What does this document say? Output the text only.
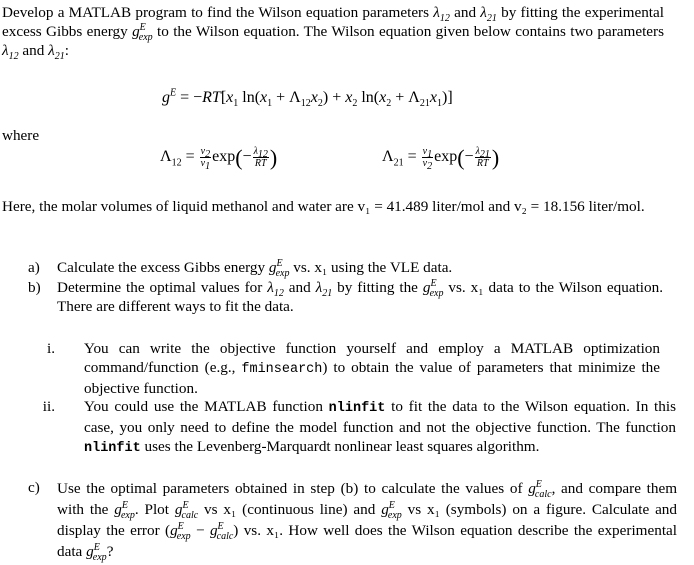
Develop a MATLAB program to find the Wilson equation parameters $\lambda_{12}$ and $\lambda_{21}$ by fitting the experimental excess Gibbs energy $g^E_{exp}$ to the Wilson equation. The Wilson equation given below contains two parameters $\lambda_{12}$ and $\lambda_{21}$:
$g^E = -RT[x_1$ $\ln(x_1 + \Lambda_{12}x_2) + x_2$ $\ln(x_2 + \Lambda_{21}x_1)$]
where
$\Lambda_{12} = \frac{v_2}{v_1} \exp(- \frac{\lambda_{12}}{RT}$ )	$\Lambda_{21} = \frac{v_1}{v_2} \exp(- \frac{\lambda_{21}}{RT}$ )
Here, the molar volumes of liquid methanol and water are v₁ = 41.489 liter/mol and v₂ = 18.156 liter/mol.
a)	Calculate the excess Gibbs energy $g^E_{exp}$ vs. x₁ using the VLE data.
b)	Determine the optimal values for $\lambda_{12}$ and $\lambda_{21}$ by fitting the $g^E_{exp}$ vs. x₁ data to the Wilson equation. There are different ways to fit the data.
i. You can write the objective function yourself and employ a MATLAB optimization command/function (e.g., fminsearch) to obtain the value of parameters that minimize the objective function.
ii. You could use the MATLAB function nlinfit to fit the data to the Wilson equation. In this case, you only need to define the model function and not the objective function. The function nlinfit uses the Levenberg-Marquardt nonlinear least squares algorithm.
c)	Use the optimal parameters obtained in step (b) to calculate the values of $g^E_{calc}$, and compare them with the $g^E_{exp}$. Plot $g^E_{calc}$ vs x₁ (continuous line) and $g^E_{exp}$ vs x₁ (symbols) on a figure. Calculate and display the error $(g^E_{exp} - g^E_{calc})$ vs. x₁. How well does the Wilson equation describe the experimental data $g^E_{exp}$?
